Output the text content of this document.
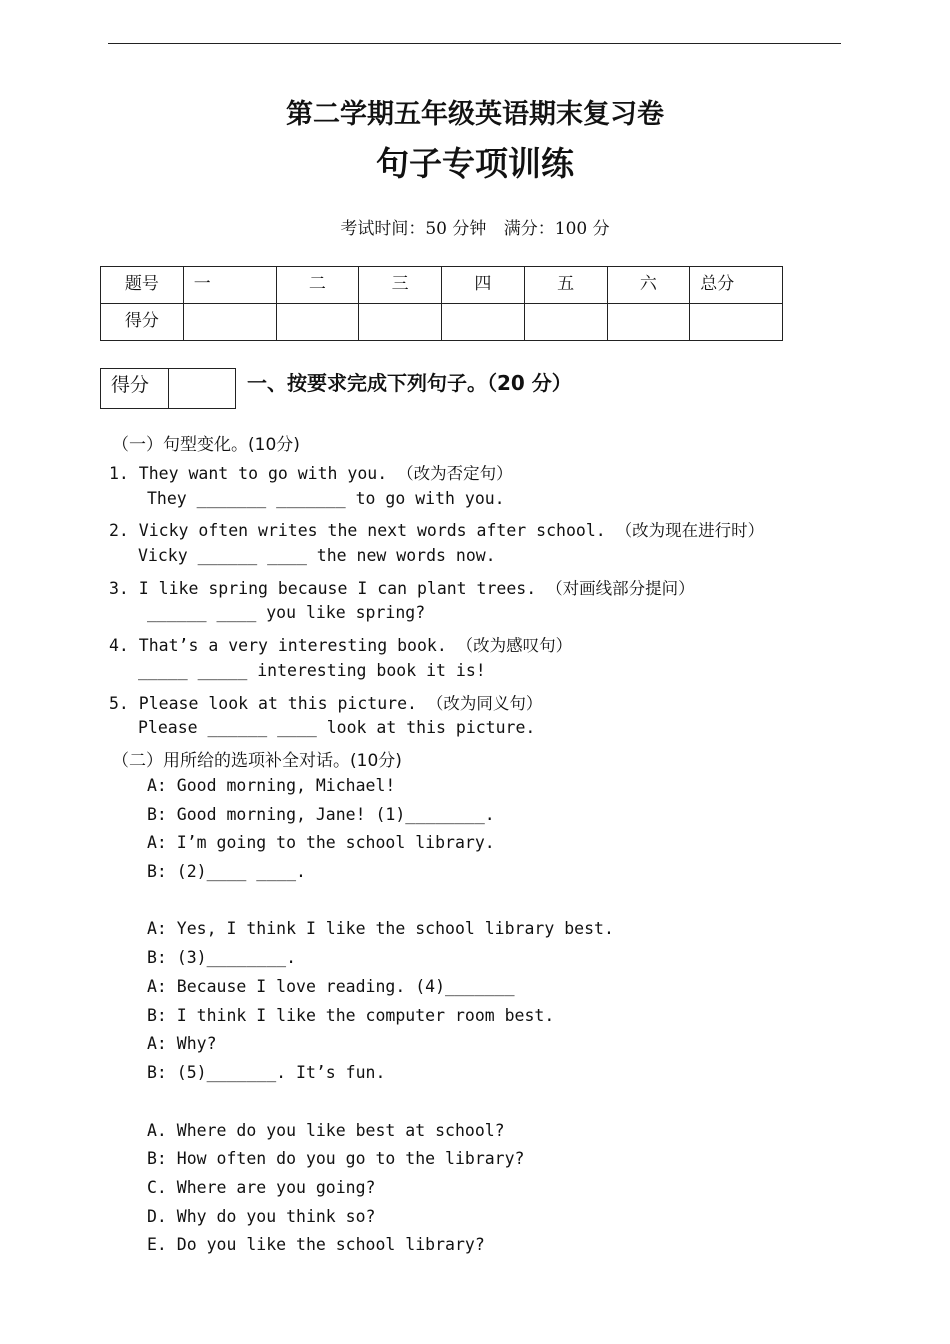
第二学期五年级英语期末复习卷
句子专项训练
考试时间：50 分钟 满分：100 分
题号	一	二	三	四	五	六	总分
得分							
得分		一、按要求完成下列句子。（20 分）
（一）句型变化。(10分)
1. They want to go with you. （改为否定句）
They _______ _______ to go with you.
2. Vicky often writes the next words after school. （改为现在进行时）
Vicky ______ ____ the new words now.
3. I like spring because I can plant trees. （对画线部分提问）
______ ____ you like spring?
4. That’s a very interesting book. （改为感叹句）
_____ _____ interesting book it is!
5. Please look at this picture. （改为同义句）
Please ______ ____ look at this picture.
（二）用所给的选项补全对话。(10分)
A: Good morning, Michael!
B: Good morning, Jane! (1)________.
A: I’m going to the school library.
B: (2)____ ____.
A: Yes, I think I like the school library best.
B: (3)________.
A: Because I love reading. (4)_______
B: I think I like the computer room best.
A: Why?
B: (5)_______. It’s fun.
A. Where do you like best at school?
B: How often do you go to the library?
C. Where are you going?
D. Why do you think so?
E. Do you like the school library?
